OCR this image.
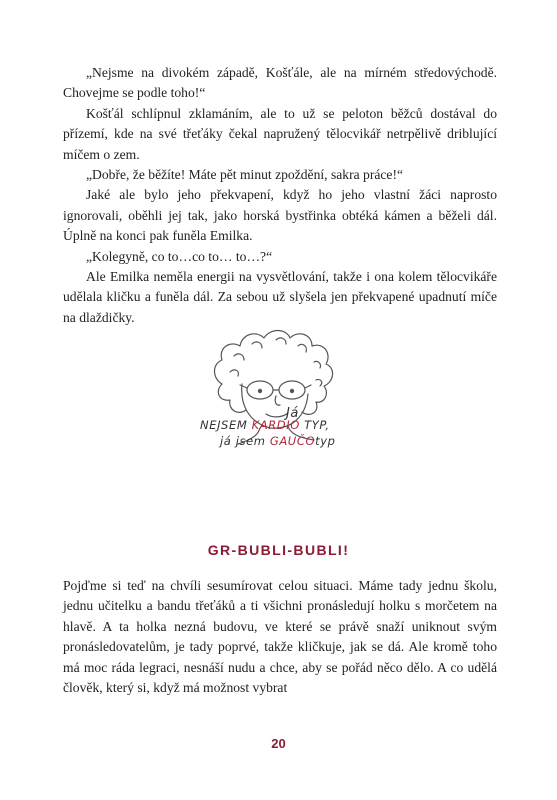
„Nejsme na divokém západě, Košťále, ale na mírném středovýchodě. Chovejme se podle toho!“

Košťál schlípnul zklamáním, ale to už se peloton běžců dostával do přízemí, kde na své třeťáky čekal napružený tělocvikář netrpělivě driblující míčem o zem.

„Dobře, že běžíte! Máte pět minut zpoždění, sakra práce!“

Jaké ale bylo jeho překvapení, když ho jeho vlastní žáci naprosto ignorovali, oběhli jej tak, jako horská bystřinka obtéká kámen a běželi dál. Úplně na konci pak funěla Emilka.

„Kolegyně, co to…co to… to…?“

Ale Emilka neměla energii na vysvětlování, takže i ona kolem tělocvikáře udělala kličku a funěla dál. Za sebou už slyšela jen překvapené upadnutí míče na dlaždičky.

Já
NEJSEM KARDIO TYP,
já jsem GAUČOtyp
GR-BUBLI-BUBLI!

Pojďme si teď na chvíli sesumírovat celou situaci. Máme tady jednu školu, jednu učitelku a bandu třeťáků a ti všichni pronásledují holku s morčetem na hlavě. A ta holka nezná budovu, ve které se právě snaží uniknout svým pronásledovatelům, je tady poprvé, takže kličkuje, jak se dá. Ale kromě toho má moc ráda legraci, nesnáší nudu a chce, aby se pořád něco dělo. A co udělá člověk, který si, když má možnost vybrat

20
